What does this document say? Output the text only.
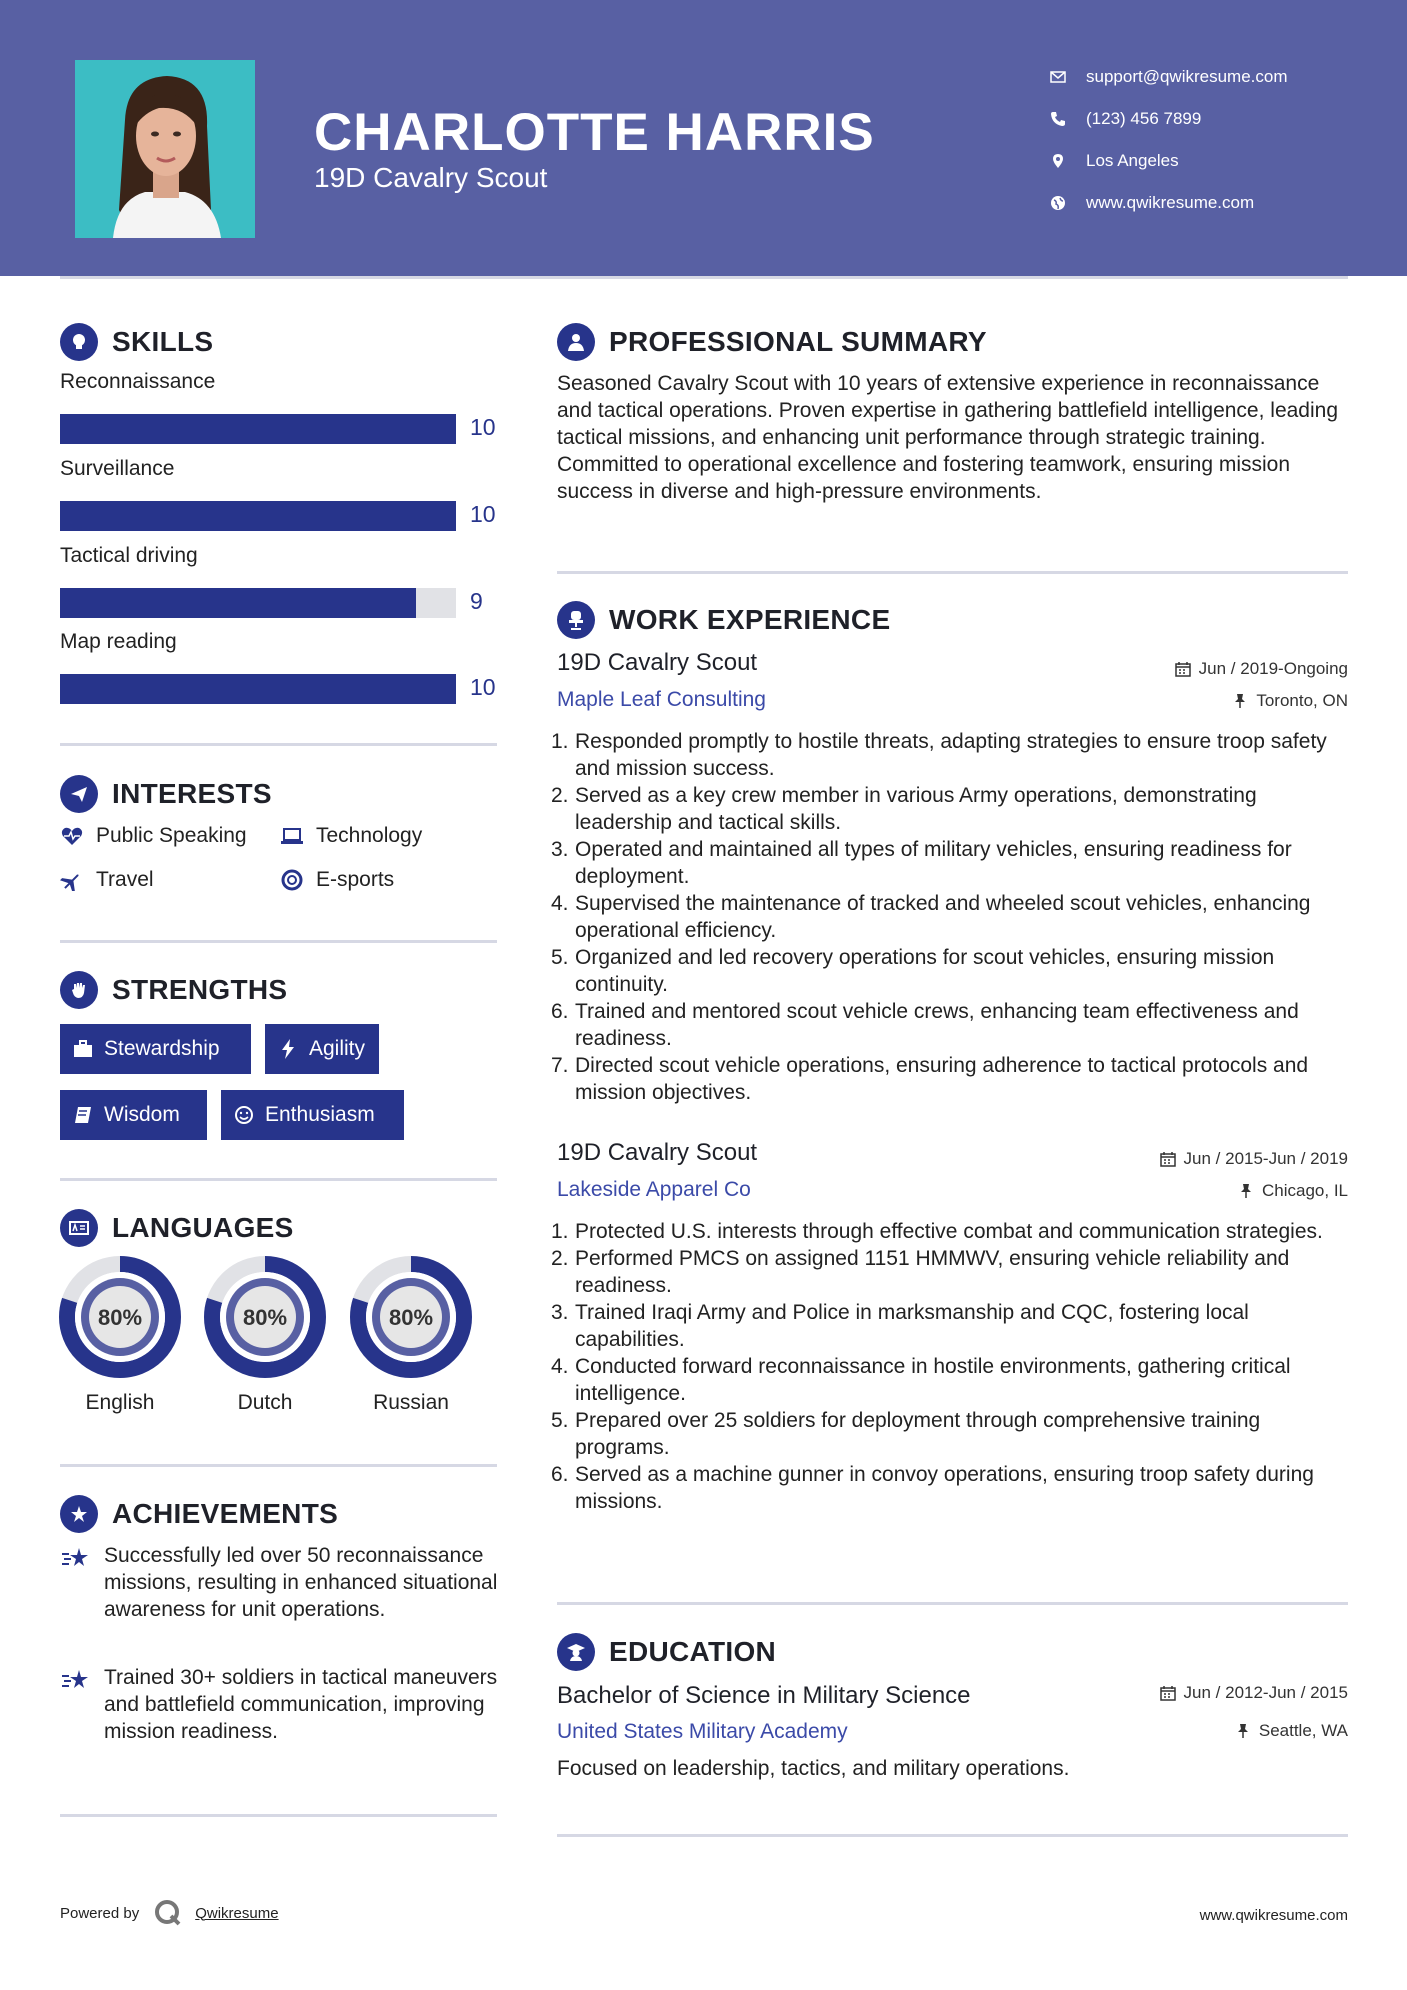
CHARLOTTE HARRIS
19D Cavalry Scout
support@qwikresume.com
(123) 456 7899
Los Angeles
www.qwikresume.com
SKILLS
Reconnaissance
10
Surveillance
10
Tactical driving
9
Map reading
10
INTERESTS
Public Speaking	Technology
Travel	E-sports
STRENGTHS
Stewardship	Agility
Wisdom	Enthusiasm
LANGUAGES
80%
English
80%
Dutch
80%
Russian
ACHIEVEMENTS
Successfully led over 50 reconnaissance missions, resulting in enhanced situational awareness for unit operations.
Trained 30+ soldiers in tactical maneuvers and battlefield communication, improving mission readiness.
PROFESSIONAL SUMMARY
Seasoned Cavalry Scout with 10 years of extensive experience in reconnaissance and tactical operations. Proven expertise in gathering battlefield intelligence, leading tactical missions, and enhancing unit performance through strategic training. Committed to operational excellence and fostering teamwork, ensuring mission success in diverse and high-pressure environments.
WORK EXPERIENCE
19D Cavalry Scout	Jun / 2019-Ongoing
Maple Leaf Consulting	Toronto, ON
1. Responded promptly to hostile threats, adapting strategies to ensure troop safety and mission success.
2. Served as a key crew member in various Army operations, demonstrating leadership and tactical skills.
3. Operated and maintained all types of military vehicles, ensuring readiness for deployment.
4. Supervised the maintenance of tracked and wheeled scout vehicles, enhancing operational efficiency.
5. Organized and led recovery operations for scout vehicles, ensuring mission continuity.
6. Trained and mentored scout vehicle crews, enhancing team effectiveness and readiness.
7. Directed scout vehicle operations, ensuring adherence to tactical protocols and mission objectives.
19D Cavalry Scout	Jun / 2015-Jun / 2019
Lakeside Apparel Co	Chicago, IL
1. Protected U.S. interests through effective combat and communication strategies.
2. Performed PMCS on assigned 1151 HMMWV, ensuring vehicle reliability and readiness.
3. Trained Iraqi Army and Police in marksmanship and CQC, fostering local capabilities.
4. Conducted forward reconnaissance in hostile environments, gathering critical intelligence.
5. Prepared over 25 soldiers for deployment through comprehensive training programs.
6. Served as a machine gunner in convoy operations, ensuring troop safety during missions.
EDUCATION
Bachelor of Science in Military Science	Jun / 2012-Jun / 2015
United States Military Academy	Seattle, WA
Focused on leadership, tactics, and military operations.
Powered by	Qwikresume	www.qwikresume.com
